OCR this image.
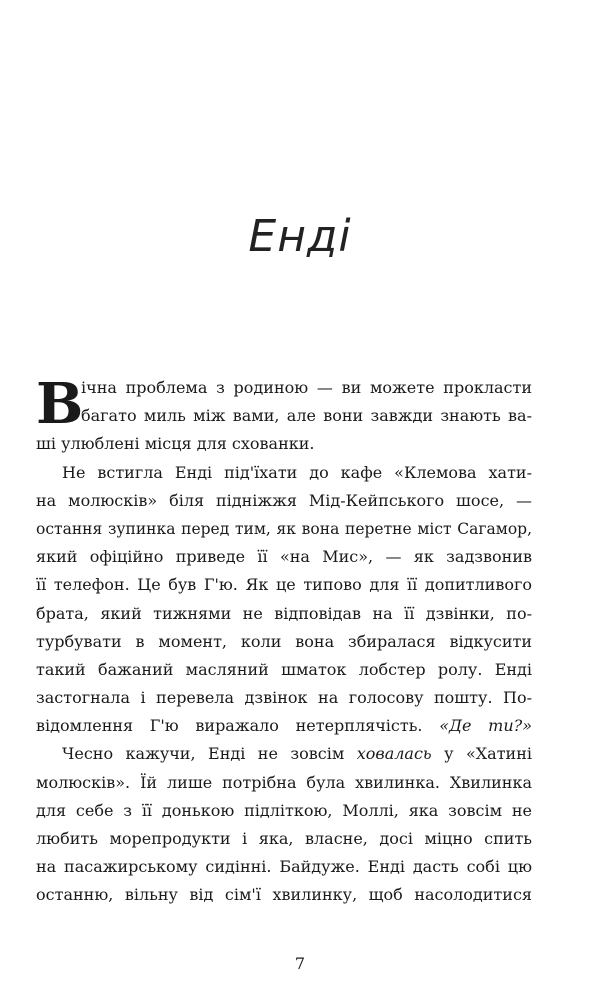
Енді
В
ічна проблема з родиною — ви можете прокласти
багато миль між вами, але вони завжди знають ва-
ші улюблені місця для схованки.
Не встигла Енді під'їхати до кафе «Клемова хати-
на молюсків» біля підніжжя Мід-Кейпського шосе, —
остання зупинка перед тим, як вона перетне міст Сагамор,
який офіційно приведе її «на Мис», — як задзвонив
її телефон. Це був Г'ю. Як це типово для її допитливого
брата, який тижнями не відповідав на її дзвінки, по-
турбувати в момент, коли вона збиралася відкусити
такий бажаний масляний шматок лобстер ролу. Енді
застогнала і перевела дзвінок на голосову пошту. По-
відомлення Г'ю виражало нетерплячість. «Де ти?»
Чесно кажучи, Енді не зовсім ховалась у «Хатині
молюсків». Їй лише потрібна була хвилинка. Хвилинка
для себе з її донькою підліткою, Моллі, яка зовсім не
любить морепродукти і яка, власне, досі міцно спить
на пасажирському сидінні. Байдуже. Енді дасть собі цю
останню, вільну від сім'ї хвилинку, щоб насолодитися
7
